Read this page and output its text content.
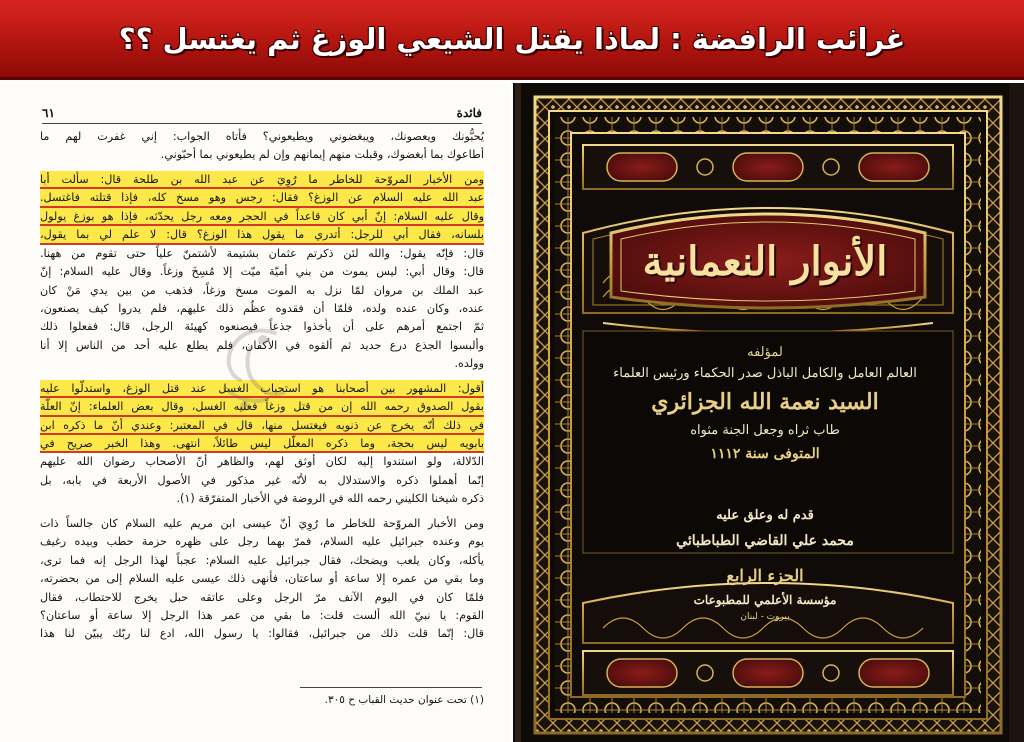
غرائب الرافضة : لماذا يقتل الشيعي الوزغ ثم يغتسل ؟؟
٦١	فائدة
يُحبُّونك ويعصونك، ويبغضوني ويطيعوني؟ فأتاه الجواب: إني غفرت لهم ما
أطاعوك بما أبغضوك، وقبلت منهم إيمانهم وإن لم يطيعوني بما أحبّوني.
ومن الأخبار المروّحة للخاطر ما رُوِيَ عن عبد الله بن طلحة قال: سألت أبا
عبد الله عليه السلام عن الوزغ؟ فقال: رجس وهو مسخ كله، فإذا قتلته فاغتسل.
وقال عليه السلام: إنّ أبي كان قاعداً في الحجر ومعه رجل يحدّثه، فإذا هو بوزغ يولول
بلسانه، فقال أبي للرجل: أتدري ما يقول هذا الوزغ؟ قال: لا علم لي بما يقول،
قال: فإنّه يقول: والله لئن ذكرتم عثمان بشتيمة لأشتمنّ علياً حتى تقوم من ههنا.
قال: وقال أبي: ليس يموت من بني أميّة ميّت إلا مُسِخَ وزغاً. وقال عليه السلام: إنّ
عبد الملك بن مروان لمّا نزل به الموت مسخ وزغاً، فذهب من بين يدي مَنْ كان
عنده، وكان عنده ولده، فلمّا أن فقدوه عظُم ذلك عليهم، فلم يدروا كيف يصنعون،
ثمّ اجتمع أمرهم على أن يأخذوا جذعاً فيصنعوه كهيئة الرجل، قال: ففعلوا ذلك
وألبسوا الجذع درع حديد ثم ألقوه في الأكفان، فلم يطلع عليه أحد من الناس إلا أنا
وولده.
أقول: المشهور بين أصحابنا هو استحباب الغسل عند قتل الوزغ، واستدلّوا عليه
بقول الصدوق رحمه الله إن من قتل وزغاً فعليه الغسل، وقال بعض العلماء: إنّ العلّة
في ذلك أنّه يخرج عن ذنوبه فيغتسل منها، قال في المعتبر: وعندي أنّ ما ذكره ابن
بابويه ليس بحجة، وما ذكره المعلّل ليس طائلاً، انتهى. وهذا الخبر صريح في
الدّلالة، ولو استندوا إليه لكان أوثق لهم، والظاهر أنّ الأصحاب رضوان الله عليهم
إنّما أهملوا ذكره والاستدلال به لأنّه غير مذكور في الأصول الأربعة في بابه، بل
ذكره شيخنا الكليني رحمه الله في الروضة في الأخبار المتفرّقة (١).
ومن الأخبار المروّحة للخاطر ما رُوِيَ أنّ عيسى ابن مريم عليه السلام كان جالساً ذات
يوم وعنده جبرائيل عليه السلام، فمرّ بهما رجل على ظهره حزمة حطب وبيده رغيف
يأكله، وكان يلعب ويضحك، فقال جبرائيل عليه السلام: عجباً لهذا الرجل إنه فما ترى،
وما بقي من عمره إلا ساعة أو ساعتان، فأنهى ذلك عيسى عليه السلام إلى من بحضرته،
فلمّا كان في اليوم الآنف مرّ الرجل وعلى عاتقه حبل يخرج للاحتطاب، فقال
القوم: يا نبيّ الله ألست قلت: ما بقي من عمر هذا الرجل إلا ساعة أو ساعتان؟
قال: إنّما قلت ذلك من جبرائيل، فقالوا: يا رسول الله، ادع لنا ربّك يبيّن لنا هذا
(١) تحت عنوان حديث القباب ح ٣٠٥.
الأنوار النعمانية
لمؤلفه
العالم العامل والكامل الباذل صدر الحكماء ورئيس العلماء
السيد نعمة الله الجزائري
طاب ثراه وجعل الجنة مثواه
المتوفى سنة ١١١٢
قدم له وعلق عليه
محمد علي القاضي الطباطبائي
الجزء الرابع
مؤسسة الأعلمي للمطبوعات
بيروت - لبنان
